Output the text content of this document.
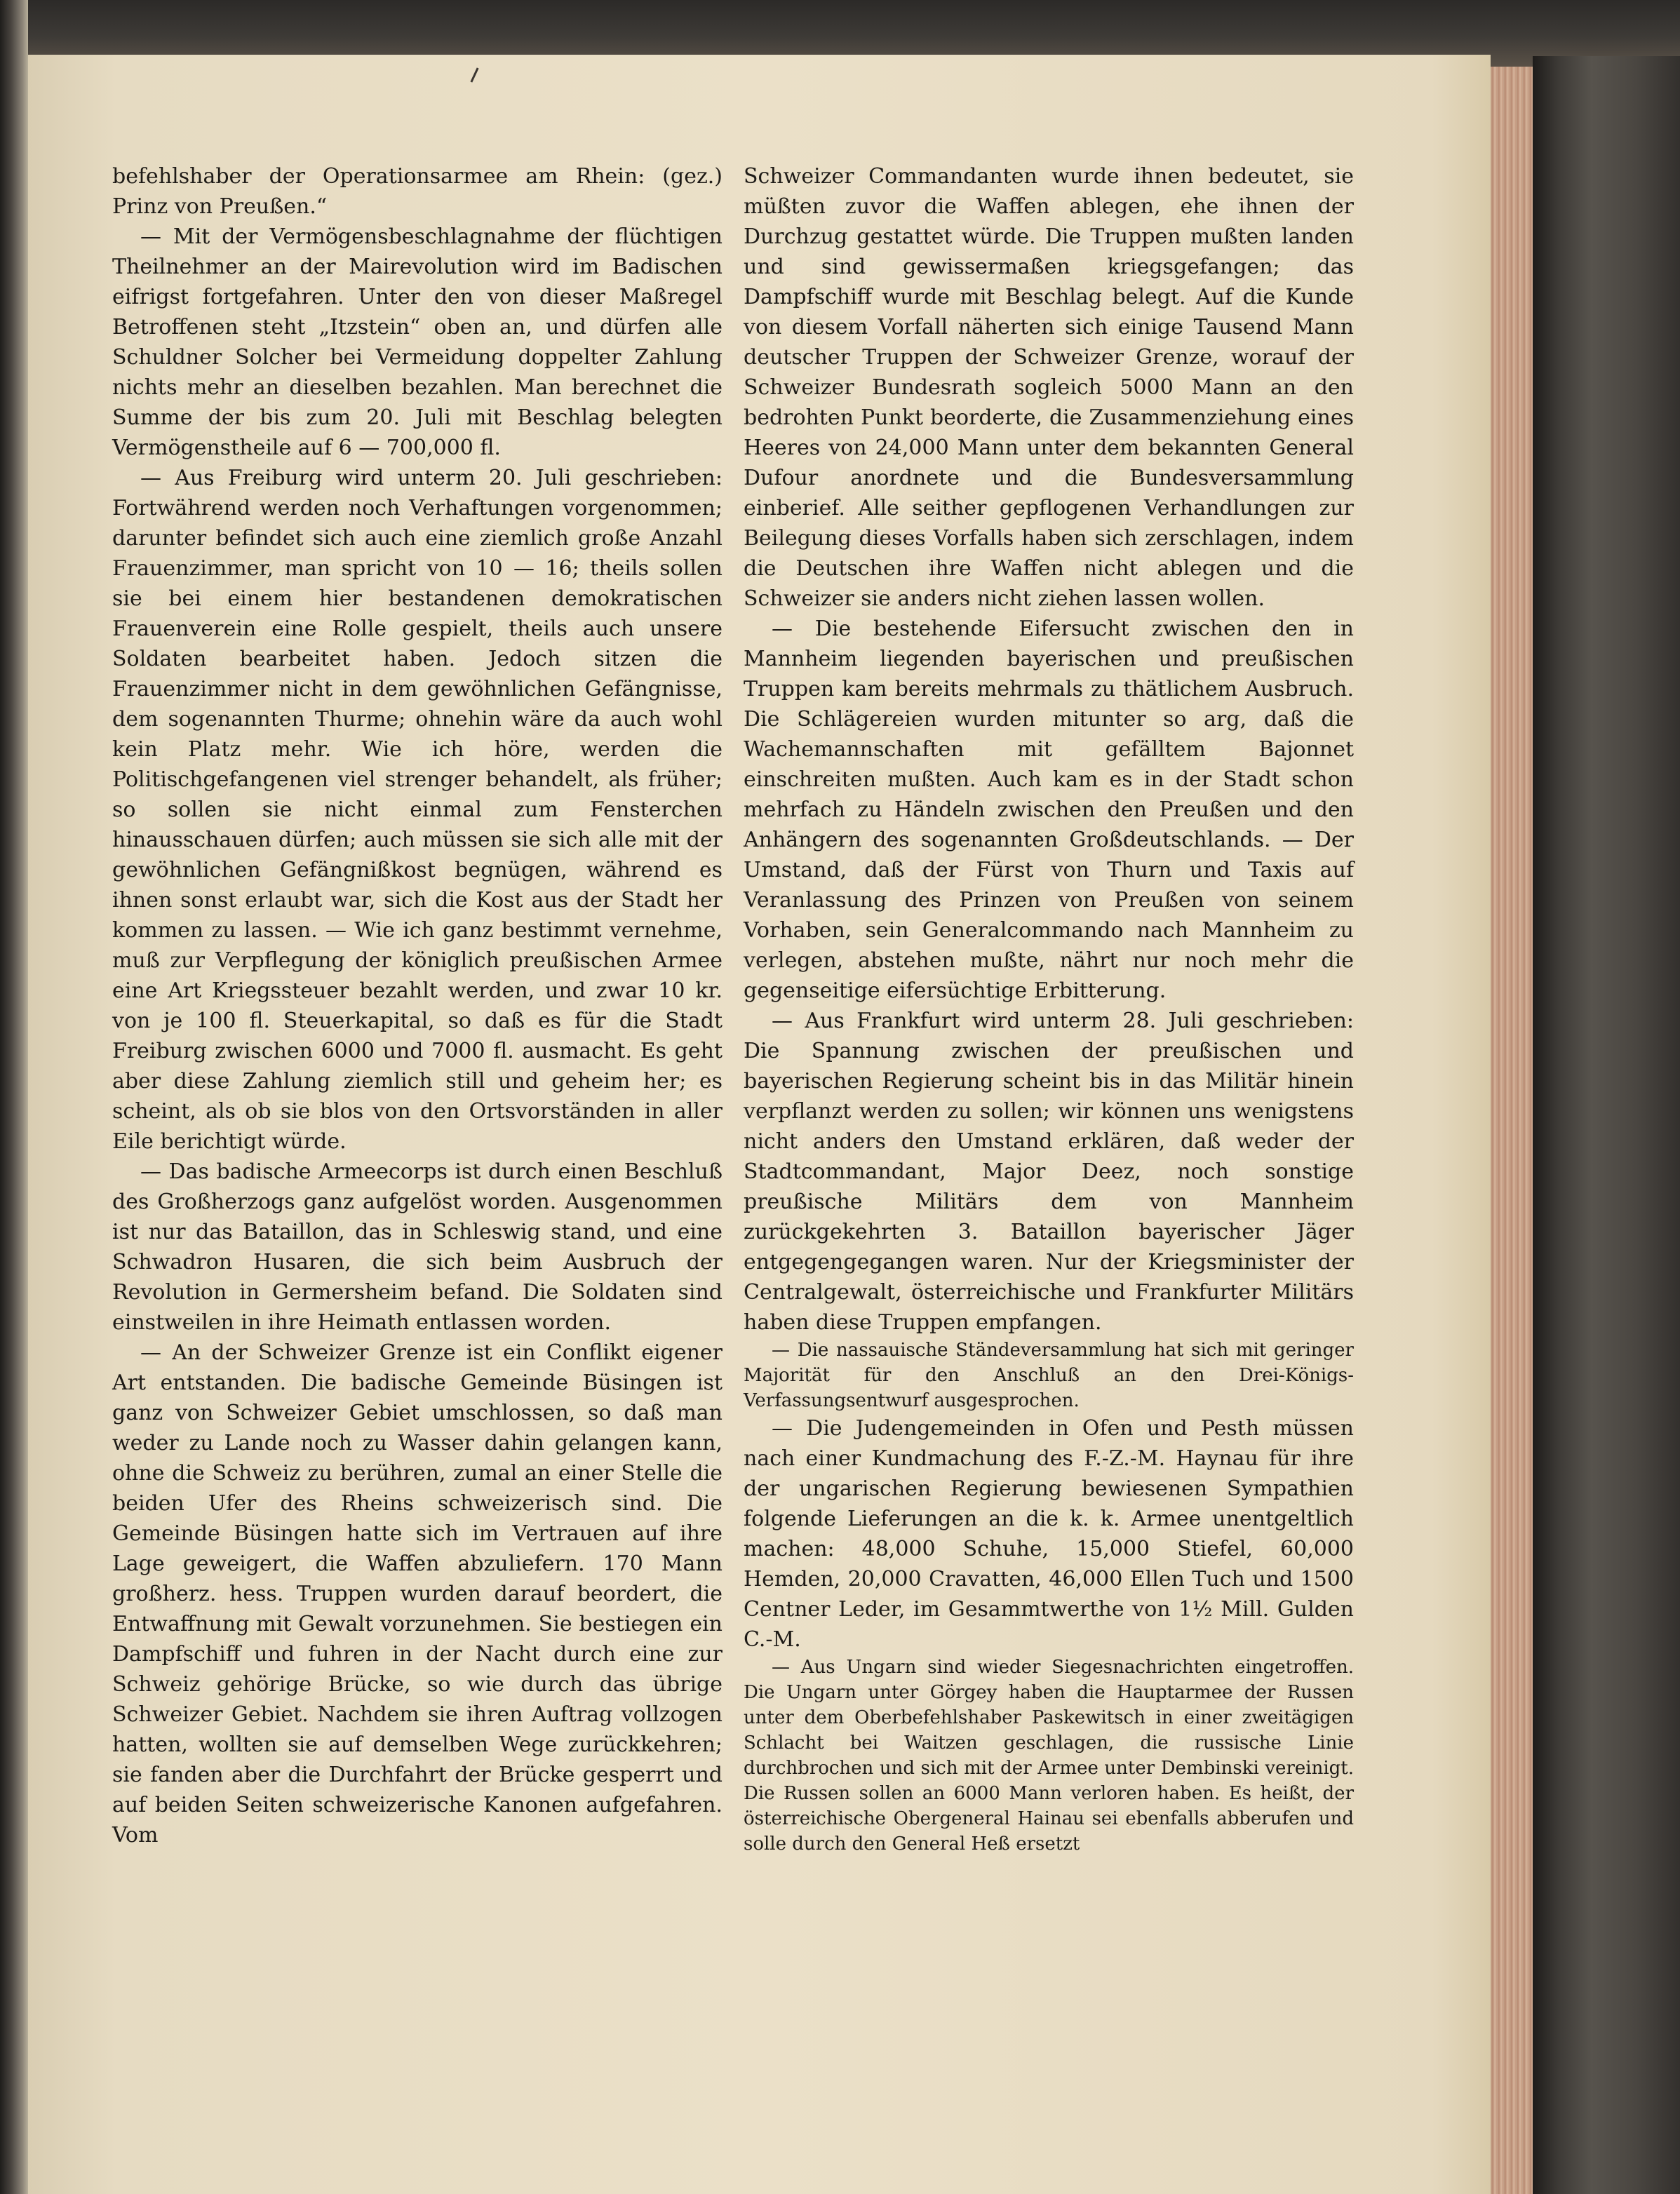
befehlshaber der Operationsarmee am Rhein: (gez.) Prinz von Preußen.“

— Mit der Vermögensbeschlagnahme der flüchtigen Theilnehmer an der Mairevolution wird im Badischen eifrigst fortgefahren. Unter den von dieser Maßregel Betroffenen steht „Itzstein“ oben an, und dürfen alle Schuldner Solcher bei Vermeidung doppelter Zahlung nichts mehr an dieselben bezahlen. Man berechnet die Summe der bis zum 20. Juli mit Beschlag belegten Vermögenstheile auf 6 — 700,000 fl.

— Aus Freiburg wird unterm 20. Juli geschrieben: Fortwährend werden noch Verhaftungen vorgenommen; darunter befindet sich auch eine ziemlich große Anzahl Frauenzimmer, man spricht von 10 — 16; theils sollen sie bei einem hier bestandenen demokratischen Frauenverein eine Rolle gespielt, theils auch unsere Soldaten bearbeitet haben. Jedoch sitzen die Frauenzimmer nicht in dem gewöhnlichen Gefängnisse, dem sogenannten Thurme; ohnehin wäre da auch wohl kein Platz mehr. Wie ich höre, werden die Politischgefangenen viel strenger behandelt, als früher; so sollen sie nicht einmal zum Fensterchen hinausschauen dürfen; auch müssen sie sich alle mit der gewöhnlichen Gefängnißkost begnügen, während es ihnen sonst erlaubt war, sich die Kost aus der Stadt her kommen zu lassen. — Wie ich ganz bestimmt vernehme, muß zur Verpflegung der königlich preußischen Armee eine Art Kriegssteuer bezahlt werden, und zwar 10 kr. von je 100 fl. Steuerkapital, so daß es für die Stadt Freiburg zwischen 6000 und 7000 fl. ausmacht. Es geht aber diese Zahlung ziemlich still und geheim her; es scheint, als ob sie blos von den Ortsvorständen in aller Eile berichtigt würde.

— Das badische Armeecorps ist durch einen Beschluß des Großherzogs ganz aufgelöst worden. Ausgenommen ist nur das Bataillon, das in Schleswig stand, und eine Schwadron Husaren, die sich beim Ausbruch der Revolution in Germersheim befand. Die Soldaten sind einstweilen in ihre Heimath entlassen worden.

— An der Schweizer Grenze ist ein Conflikt eigener Art entstanden. Die badische Gemeinde Büsingen ist ganz von Schweizer Gebiet umschlossen, so daß man weder zu Lande noch zu Wasser dahin gelangen kann, ohne die Schweiz zu berühren, zumal an einer Stelle die beiden Ufer des Rheins schweizerisch sind. Die Gemeinde Büsingen hatte sich im Vertrauen auf ihre Lage geweigert, die Waffen abzuliefern. 170 Mann großherz. hess. Truppen wurden darauf beordert, die Entwaffnung mit Gewalt vorzunehmen. Sie bestiegen ein Dampfschiff und fuhren in der Nacht durch eine zur Schweiz gehörige Brücke, so wie durch das übrige Schweizer Gebiet. Nachdem sie ihren Auftrag vollzogen hatten, wollten sie auf demselben Wege zurückkehren; sie fanden aber die Durchfahrt der Brücke gesperrt und auf beiden Seiten schweizerische Kanonen aufgefahren. Vom

Schweizer Commandanten wurde ihnen bedeutet, sie müßten zuvor die Waffen ablegen, ehe ihnen der Durchzug gestattet würde. Die Truppen mußten landen und sind gewissermaßen kriegsgefangen; das Dampfschiff wurde mit Beschlag belegt. Auf die Kunde von diesem Vorfall näherten sich einige Tausend Mann deutscher Truppen der Schweizer Grenze, worauf der Schweizer Bundesrath sogleich 5000 Mann an den bedrohten Punkt beorderte, die Zusammenziehung eines Heeres von 24,000 Mann unter dem bekannten General Dufour anordnete und die Bundesversammlung einberief. Alle seither gepflogenen Verhandlungen zur Beilegung dieses Vorfalls haben sich zerschlagen, indem die Deutschen ihre Waffen nicht ablegen und die Schweizer sie anders nicht ziehen lassen wollen.

— Die bestehende Eifersucht zwischen den in Mannheim liegenden bayerischen und preußischen Truppen kam bereits mehrmals zu thätlichem Ausbruch. Die Schlägereien wurden mitunter so arg, daß die Wachemannschaften mit gefälltem Bajonnet einschreiten mußten. Auch kam es in der Stadt schon mehrfach zu Händeln zwischen den Preußen und den Anhängern des sogenannten Großdeutschlands. — Der Umstand, daß der Fürst von Thurn und Taxis auf Veranlassung des Prinzen von Preußen von seinem Vorhaben, sein Generalcommando nach Mannheim zu verlegen, abstehen mußte, nährt nur noch mehr die gegenseitige eifersüchtige Erbitterung.

— Aus Frankfurt wird unterm 28. Juli geschrieben: Die Spannung zwischen der preußischen und bayerischen Regierung scheint bis in das Militär hinein verpflanzt werden zu sollen; wir können uns wenigstens nicht anders den Umstand erklären, daß weder der Stadtcommandant, Major Deez, noch sonstige preußische Militärs dem von Mannheim zurückgekehrten 3. Bataillon bayerischer Jäger entgegengegangen waren. Nur der Kriegsminister der Centralgewalt, österreichische und Frankfurter Militärs haben diese Truppen empfangen.

— Die nassauische Ständeversammlung hat sich mit geringer Majorität für den Anschluß an den Drei-Königs-Verfassungsentwurf ausgesprochen.

— Die Judengemeinden in Ofen und Pesth müssen nach einer Kundmachung des F.-Z.-M. Haynau für ihre der ungarischen Regierung bewiesenen Sympathien folgende Lieferungen an die k. k. Armee unentgeltlich machen: 48,000 Schuhe, 15,000 Stiefel, 60,000 Hemden, 20,000 Cravatten, 46,000 Ellen Tuch und 1500 Centner Leder, im Gesammtwerthe von 1½ Mill. Gulden C.-M.

— Aus Ungarn sind wieder Siegesnachrichten eingetroffen. Die Ungarn unter Görgey haben die Hauptarmee der Russen unter dem Oberbefehlshaber Paskewitsch in einer zweitägigen Schlacht bei Waitzen geschlagen, die russische Linie durchbrochen und sich mit der Armee unter Dembinski vereinigt. Die Russen sollen an 6000 Mann verloren haben. Es heißt, der österreichische Obergeneral Hainau sei ebenfalls abberufen und solle durch den General Heß ersetzt
